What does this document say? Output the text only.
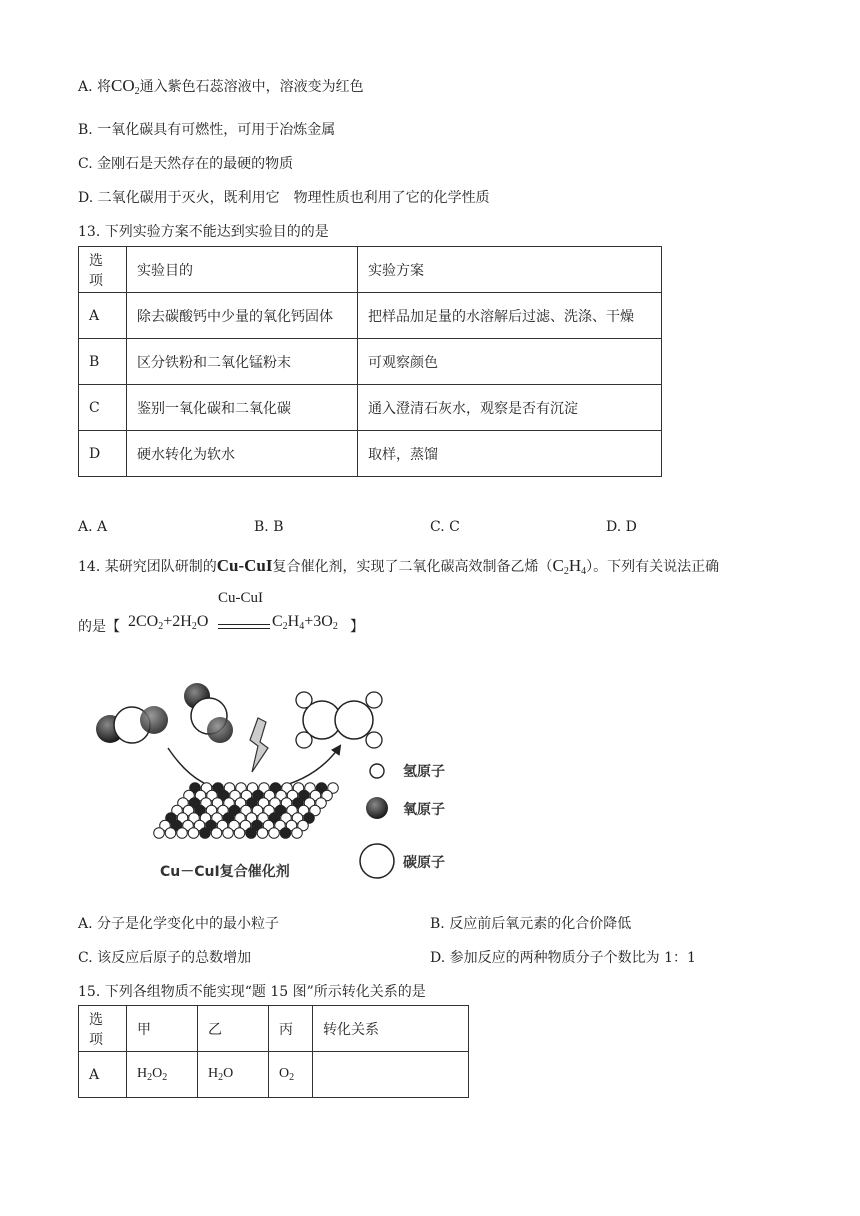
A. 将$CO_2$通入紫色石蕊溶液中，溶液变为红色
B. 一氧化碳具有可燃性，可用于冶炼金属
C. 金刚石是天然存在的最硬的物质
D. 二氧化碳用于灭火，既利用它　物理性质也利用了它的化学性质
13. 下列实验方案不能达到实验目的的是
选项	实验目的	实验方案
A	除去碳酸钙中少量的氧化钙固体	把样品加足量的水溶解后过滤、洗涤、干燥
B	区分铁粉和二氧化锰粉末	可观察颜色
C	鉴别一氧化碳和二氧化碳	通入澄清石灰水，观察是否有沉淀
D	硬水转化为软水	取样，蒸馏
A. A	B. B	C. C	D. D
14. 某研究团队研制的Cu-CuI复合催化剂，实现了二氧化碳高效制备乙烯$(C_2H_4)$。下列有关说法正确
的是【 $2CO_2+2H_2O$
Cu-CuI
$C_2H_4+3O_2$ 】
Cu－CuI复合催化剂
氢原子
氧原子
碳原子
A. 分子是化学变化中的最小粒子	B. 反应前后氧元素的化合价降低
C. 该反应后原子的总数增加	D. 参加反应的两种物质分子个数比为 1：1
15. 下列各组物质不能实现“题 15 图”所示转化关系的是
选项	甲	乙	丙	转化关系
A	$H_2O_2$	$H_2O$	$O_2$	
